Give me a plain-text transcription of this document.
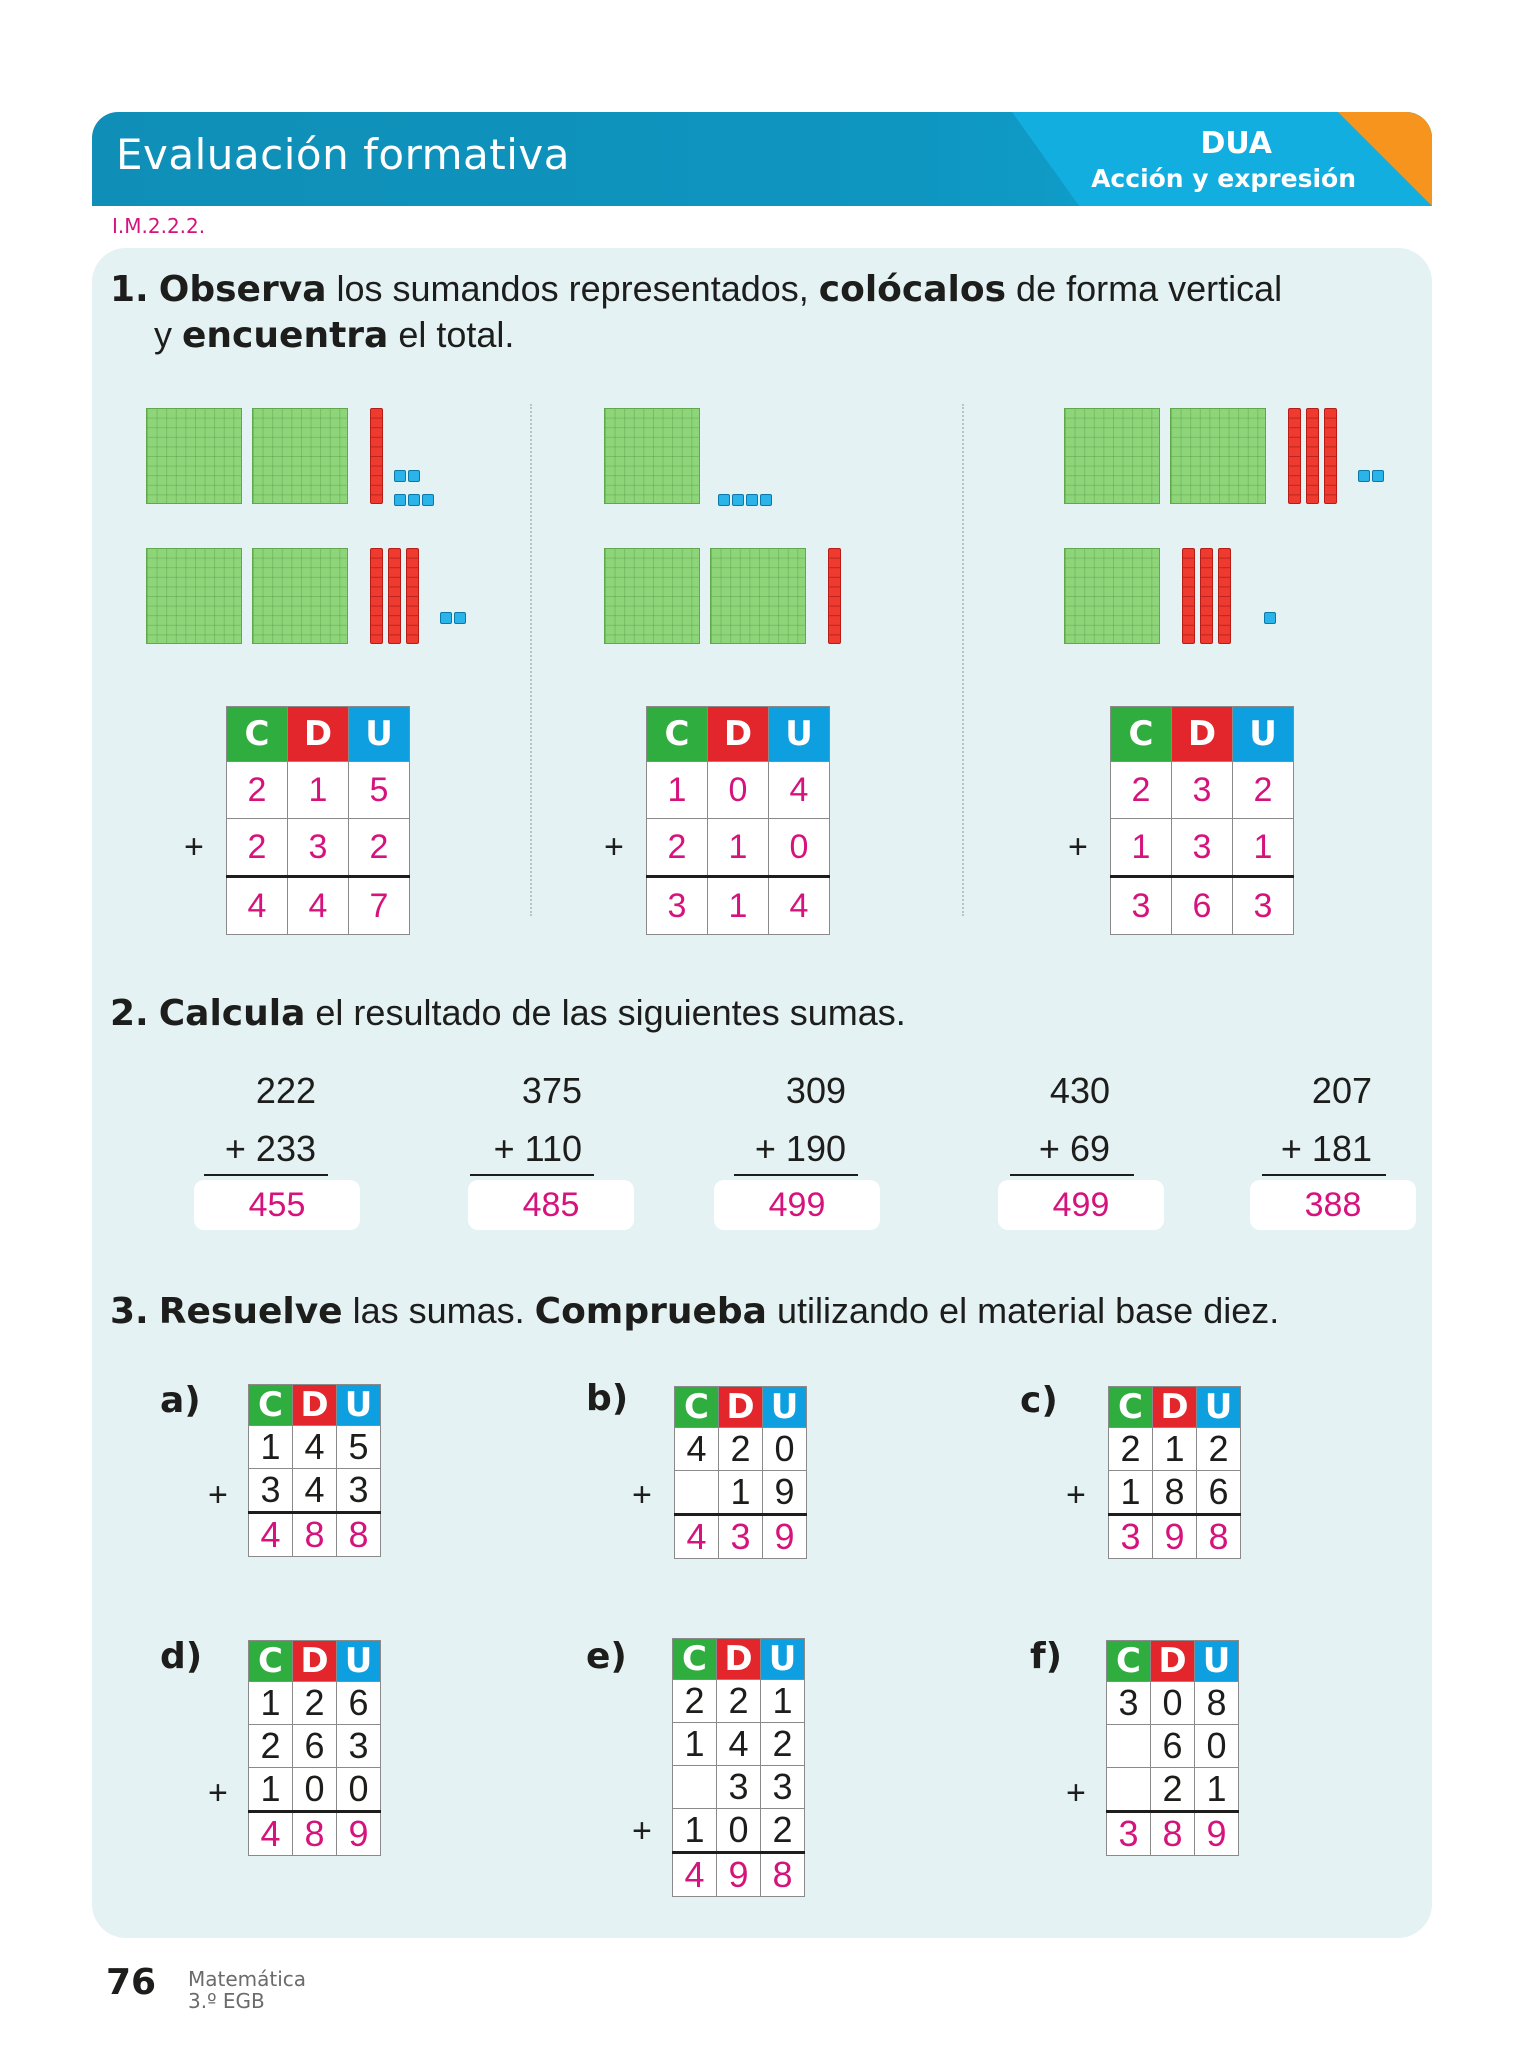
Evaluación formativa	DUA
Acción y expresión
I.M.2.2.2.
1. Observa los sumandos representados, colócalos de forma vertical
y encuentra el total.
+
C	D	U
2	1	5
2	3	2
4	4	7
+
C	D	U
1	0	4
2	1	0
3	1	4
+
C	D	U
2	3	2
1	3	1
3	6	3
2. Calcula el resultado de las siguientes sumas.
222
+ 233
455
375
+ 110
485
309
+ 190
499
430
+ 69
499
207
+ 181
388
3. Resuelve las sumas. Comprueba utilizando el material base diez.
a)
+
C	D	U
1	4	5
3	4	3
4	8	8
b)
+
C	D	U
4	2	0
	1	9
4	3	9
c)
+
C	D	U
2	1	2
1	8	6
3	9	8
d)
+
C	D	U
1	2	6
2	6	3
1	0	0
4	8	9
e)
+
C	D	U
2	2	1
1	4	2
	3	3
1	0	2
4	9	8
f)
+
C	D	U
3	0	8
	6	0
	2	1
3	8	9
76 Matemática
3.º EGB
